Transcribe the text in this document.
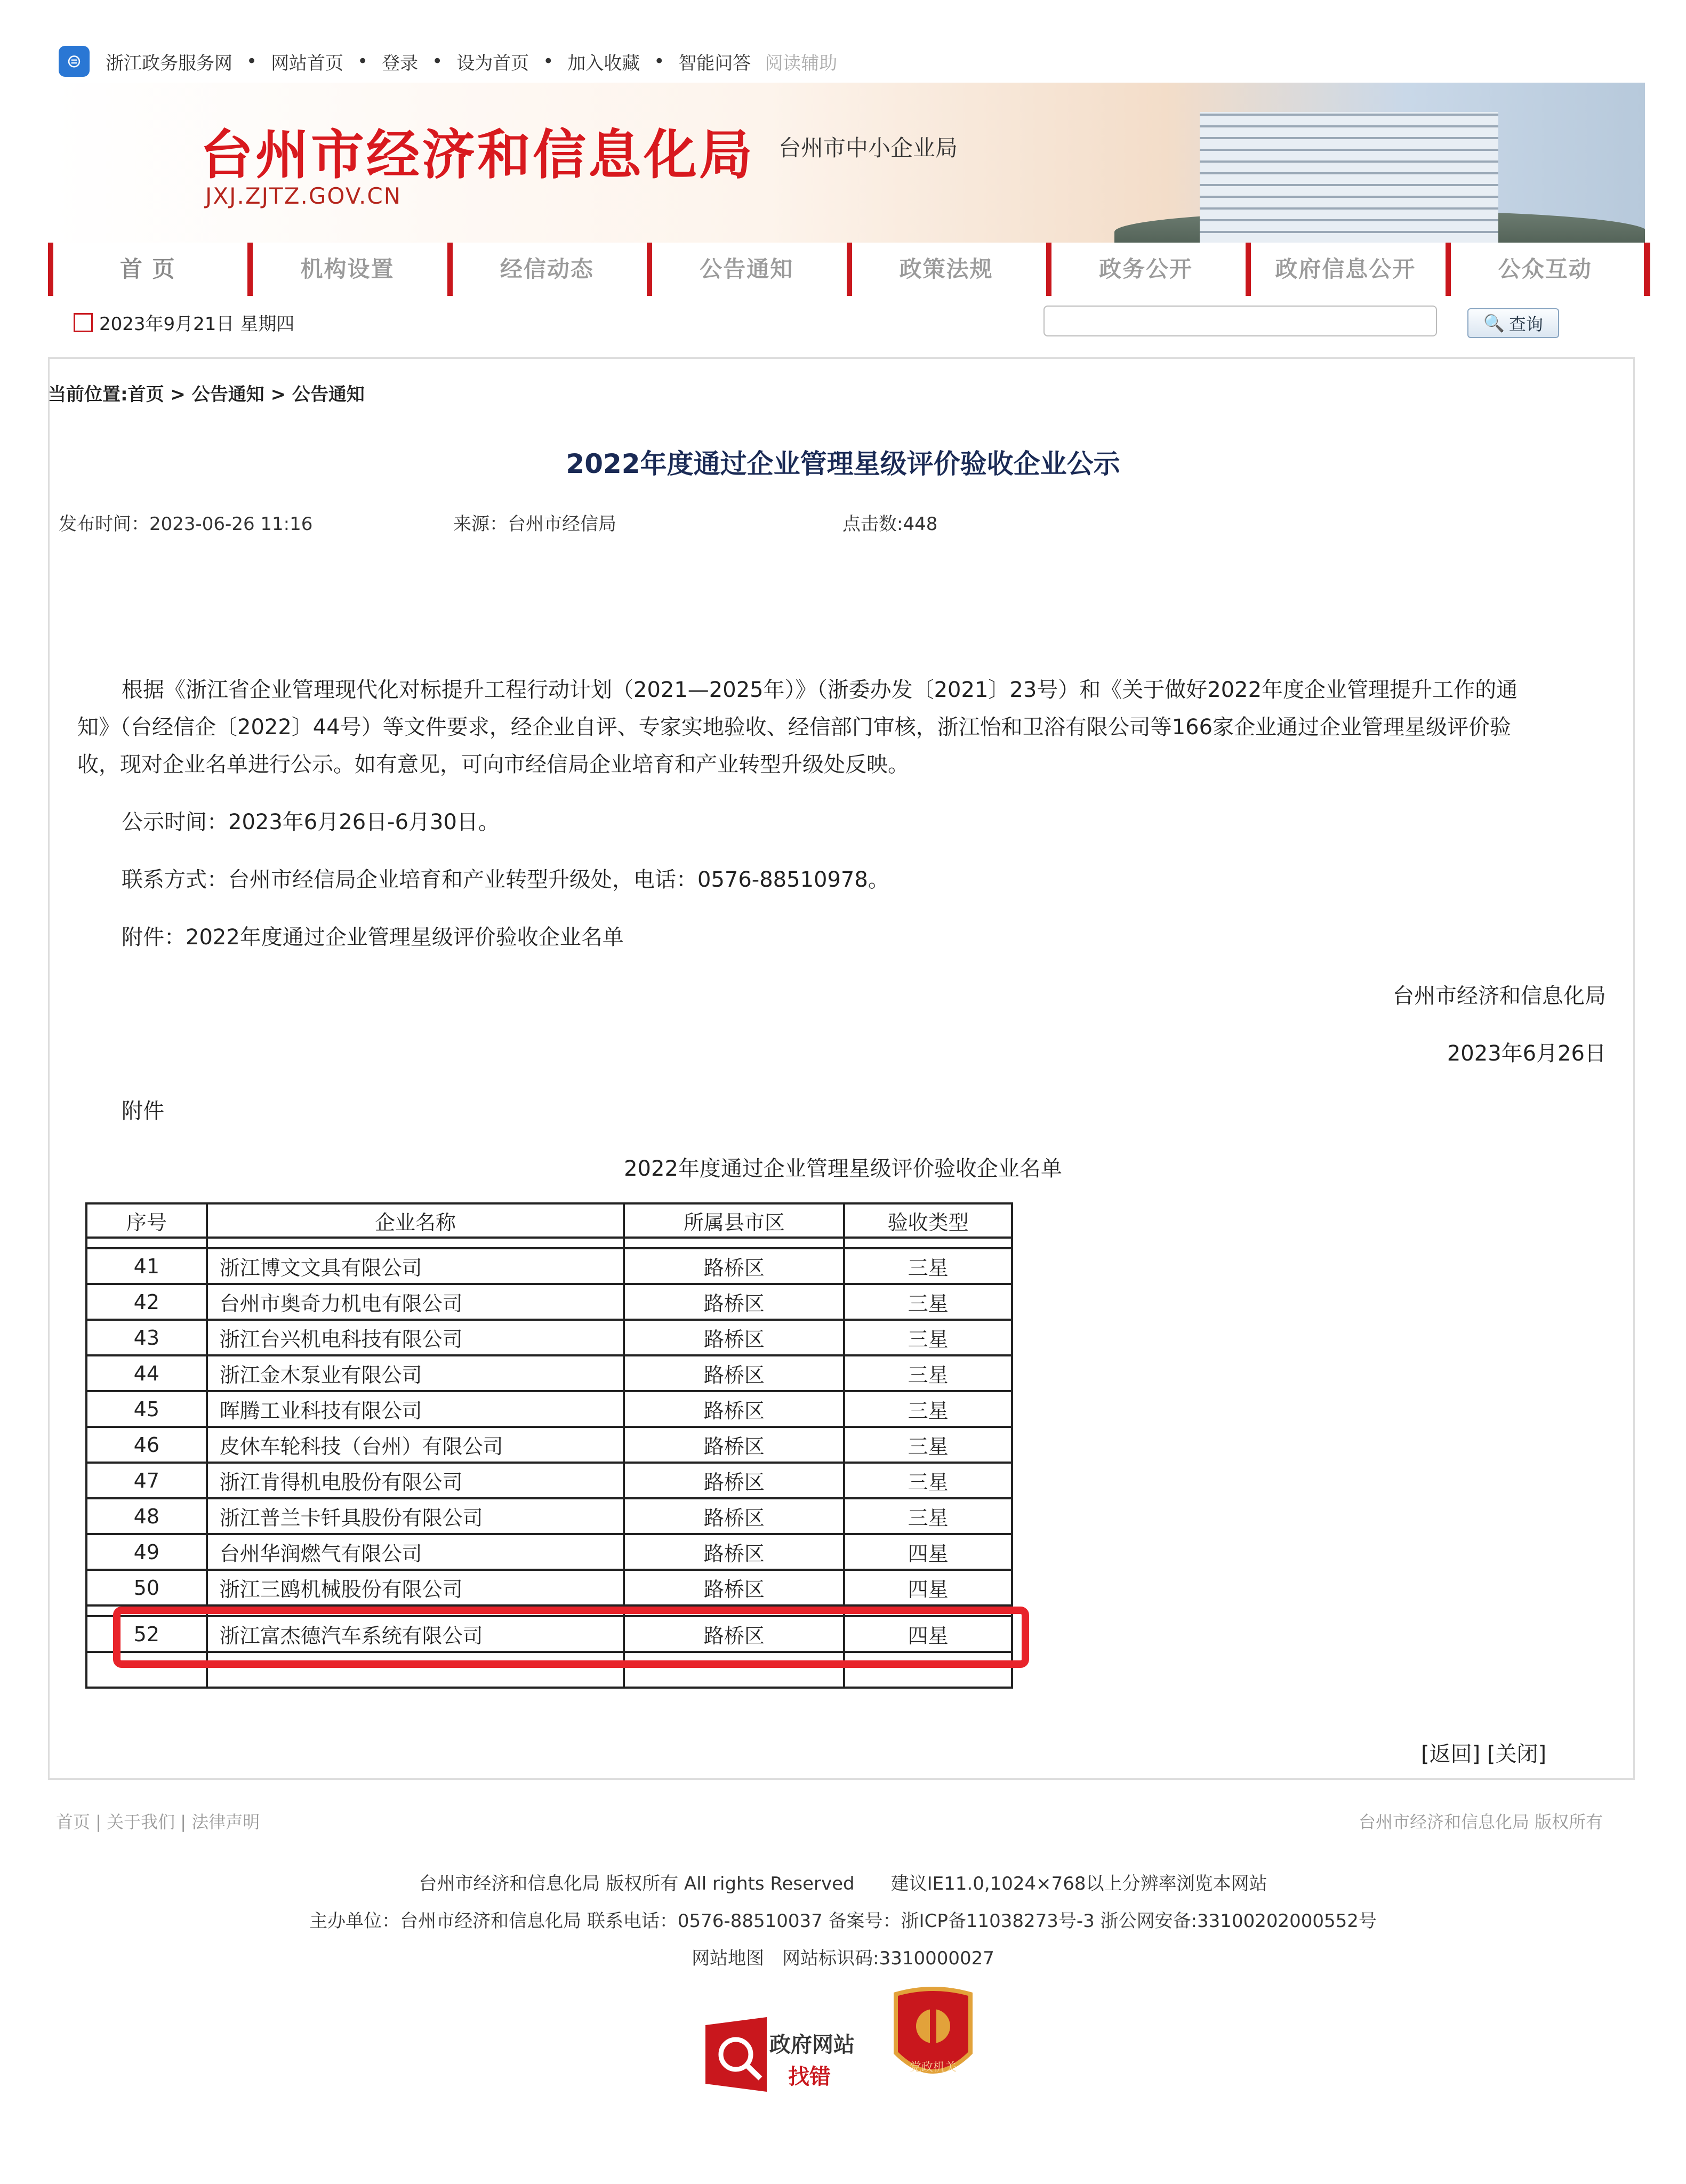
⊜	浙江政务服务网 • 网站首页 • 登录 • 设为首页 • 加入收藏 • 智能问答 阅读辅助
台州市经济和信息化局 台州市中小企业局
JXJ.ZJTZ.GOV.CN
首 页	机构设置	经信动态	公告通知	政策法规	政务公开	政府信息公开	公众互动
2023年9月21日 星期四	🔍 查询
当前位置:首页 > 公告通知 > 公告通知
2022年度通过企业管理星级评价验收企业公示
发布时间：2023-06-26 11:16	来源：台州市经信局	点击数:448
根据《浙江省企业管理现代化对标提升工程行动计划（2021—2025年）》（浙委办发〔2021〕23号）和《关于做好2022年度企业管理提升工作的通
知》（台经信企〔2022〕44号）等文件要求，经企业自评、专家实地验收、经信部门审核，浙江怡和卫浴有限公司等166家企业通过企业管理星级评价验
收，现对企业名单进行公示。如有意见，可向市经信局企业培育和产业转型升级处反映。
公示时间：2023年6月26日-6月30日。
联系方式：台州市经信局企业培育和产业转型升级处，电话：0576-88510978。
附件：2022年度通过企业管理星级评价验收企业名单
台州市经济和信息化局
2023年6月26日
附件
2022年度通过企业管理星级评价验收企业名单
序号	企业名称	所属县市区	验收类型

41	浙江博文文具有限公司	路桥区	三星
42	台州市奥奇力机电有限公司	路桥区	三星
43	浙江台兴机电科技有限公司	路桥区	三星
44	浙江金木泵业有限公司	路桥区	三星
45	晖腾工业科技有限公司	路桥区	三星
46	皮休车轮科技（台州）有限公司	路桥区	三星
47	浙江肯得机电股份有限公司	路桥区	三星
48	浙江普兰卡钎具股份有限公司	路桥区	三星
49	台州华润燃气有限公司	路桥区	四星
50	浙江三鸥机械股份有限公司	路桥区	四星

52	浙江富杰德汽车系统有限公司	路桥区	四星

[返回] [关闭]
首页 | 关于我们 | 法律声明	台州市经济和信息化局 版权所有
台州市经济和信息化局 版权所有 All rights Reserved　　建议IE11.0,1024×768以上分辨率浏览本网站
主办单位：台州市经济和信息化局 联系电话：0576-88510037 备案号：浙ICP备11038273号-3 浙公网安备:33100202000552号
网站地图　网站标识码:3310000027
政府网站
找错	党政机关
